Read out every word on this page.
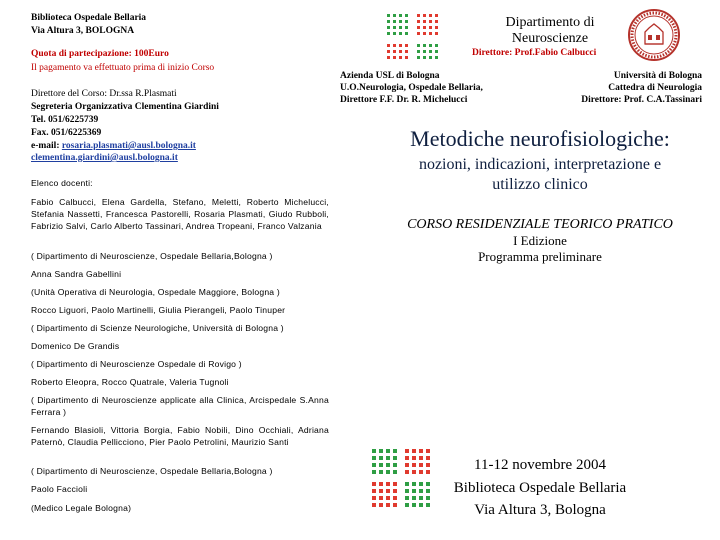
Biblioteca Ospedale Bellaria
Via Altura 3, BOLOGNA
Quota di partecipazione: 100Euro
Il pagamento va effettuato prima di inizio Corso
Direttore del Corso: Dr.ssa R.Plasmati
Segreteria Organizzativa Clementina Giardini
Tel. 051/6225739
Fax. 051/6225369
e-mail: rosaria.plasmati@ausl.bologna.it
clementina.giardini@ausl.bologna.it
Elenco docenti:
Fabio Calbucci, Elena Gardella, Stefano, Meletti, Roberto Michelucci, Stefania Nassetti, Francesca Pastorelli, Rosaria Plasmati, Giudo Rubboli, Fabrizio Salvi, Carlo Alberto Tassinari, Andrea Tropeani, Franco Valzania
( Dipartimento di Neuroscienze, Ospedale Bellaria,Bologna )
Anna Sandra Gabellini
(Unità Operativa di Neurologia, Ospedale Maggiore, Bologna )
Rocco Liguori, Paolo Martinelli, Giulia Pierangeli, Paolo Tinuper
( Dipartimento di Scienze Neurologiche, Università di Bologna )
Domenico De Grandis
( Dipartimento di Neuroscienze Ospedale di Rovigo )
Roberto Eleopra, Rocco Quatrale, Valeria Tugnoli
( Dipartimento di Neuroscienze applicate alla Clinica, Arcispedale S.Anna Ferrara )
Fernando Blasioli, Vittoria Borgia, Fabio Nobili, Dino Occhiali, Adriana Paternò, Claudia Pellicciono, Pier Paolo Petrolini, Maurizio Santi
( Dipartimento di Neuroscienze, Ospedale Bellaria,Bologna )
Paolo Faccioli
(Medico Legale Bologna)
Dipartimento di
Neuroscienze
Direttore: Prof.Fabio Calbucci
Azienda USL di Bologna
U.O.Neurologia, Ospedale Bellaria,
Direttore F.F. Dr. R. Michelucci
Università di Bologna
Cattedra di Neurologia
Direttore: Prof. C.A.Tassinari
Metodiche neurofisiologiche:
nozioni, indicazioni, interpretazione e
utilizzo clinico
CORSO RESIDENZIALE TEORICO PRATICO
I Edizione
Programma preliminare
11-12 novembre 2004
Biblioteca Ospedale Bellaria
Via Altura 3, Bologna
